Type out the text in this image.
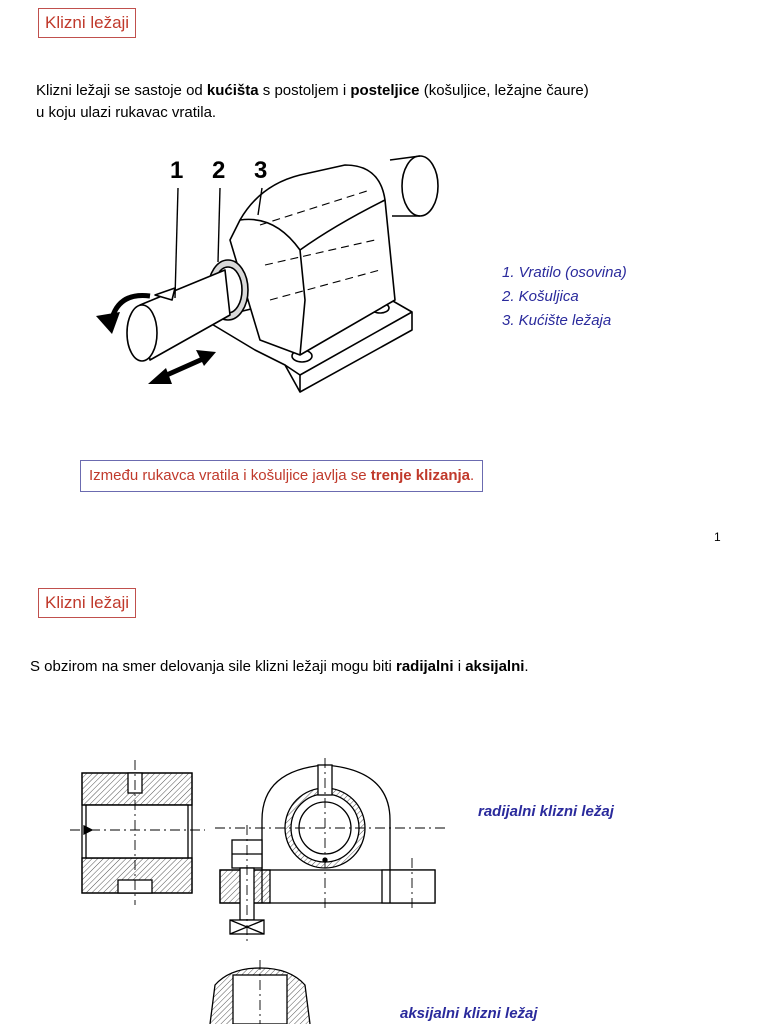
Klizni ležaji
Klizni ležaji se sastoje od kućišta s postoljem i posteljice (košuljice, ležajne čaure)
u koju ulazi rukavac vratila.
1 2 3
1. Vratilo (osovina)
2. Košuljica
3. Kućište ležaja
Između rukavca vratila i košuljice javlja se trenje klizanja.
1
Klizni ležaji
S obzirom na smer delovanja sile klizni ležaji mogu biti radijalni i aksijalni.
radijalni klizni ležaj
aksijalni klizni ležaj
